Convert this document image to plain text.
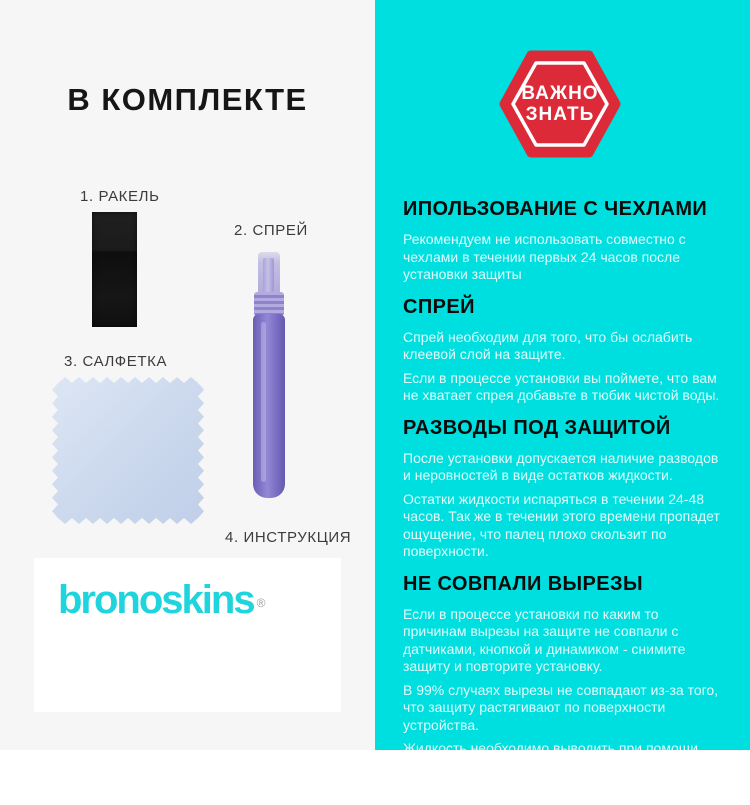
В КОМПЛЕКТЕ
1. РАКЕЛЬ
2. СПРЕЙ
3. САЛФЕТКА
4. ИНСТРУКЦИЯ
bronoskins ®
ВАЖНО
ЗНАТЬ
ИПОЛЬЗОВАНИЕ С ЧЕХЛАМИ

Рекомендуем не использовать совместно с чехлами в течении первых 24 часов после установки защиты

СПРЕЙ

Спрей необходим для того, что бы ослабить клеевой слой на защите.

Если в процессе установки вы поймете, что вам не хватает спрея добавьте в тюбик чистой воды.

РАЗВОДЫ ПОД ЗАЩИТОЙ

После установки допускается наличие разводов и неровностей в виде остатков жидкости.

Остатки жидкости испаряться в течении 24-48 часов. Так же в течении этого времени пропадет ощущение, что палец плохо скользит по поверхности.

НЕ СОВПАЛИ ВЫРЕЗЫ

Если в процессе установки по каким то причинам вырезы на защите не совпали с датчиками, кнопкой и динамиком - снимите защиту и повторите установку.

В 99% случаях вырезы не совпадают из-за того, что защиту растягивают по поверхности устройства.

Жидкость необходимо выводить при помощи ракеля ВПРАВО и ВЛЕВО к краям устройства - так вы предотвратите растяжение защиты.
